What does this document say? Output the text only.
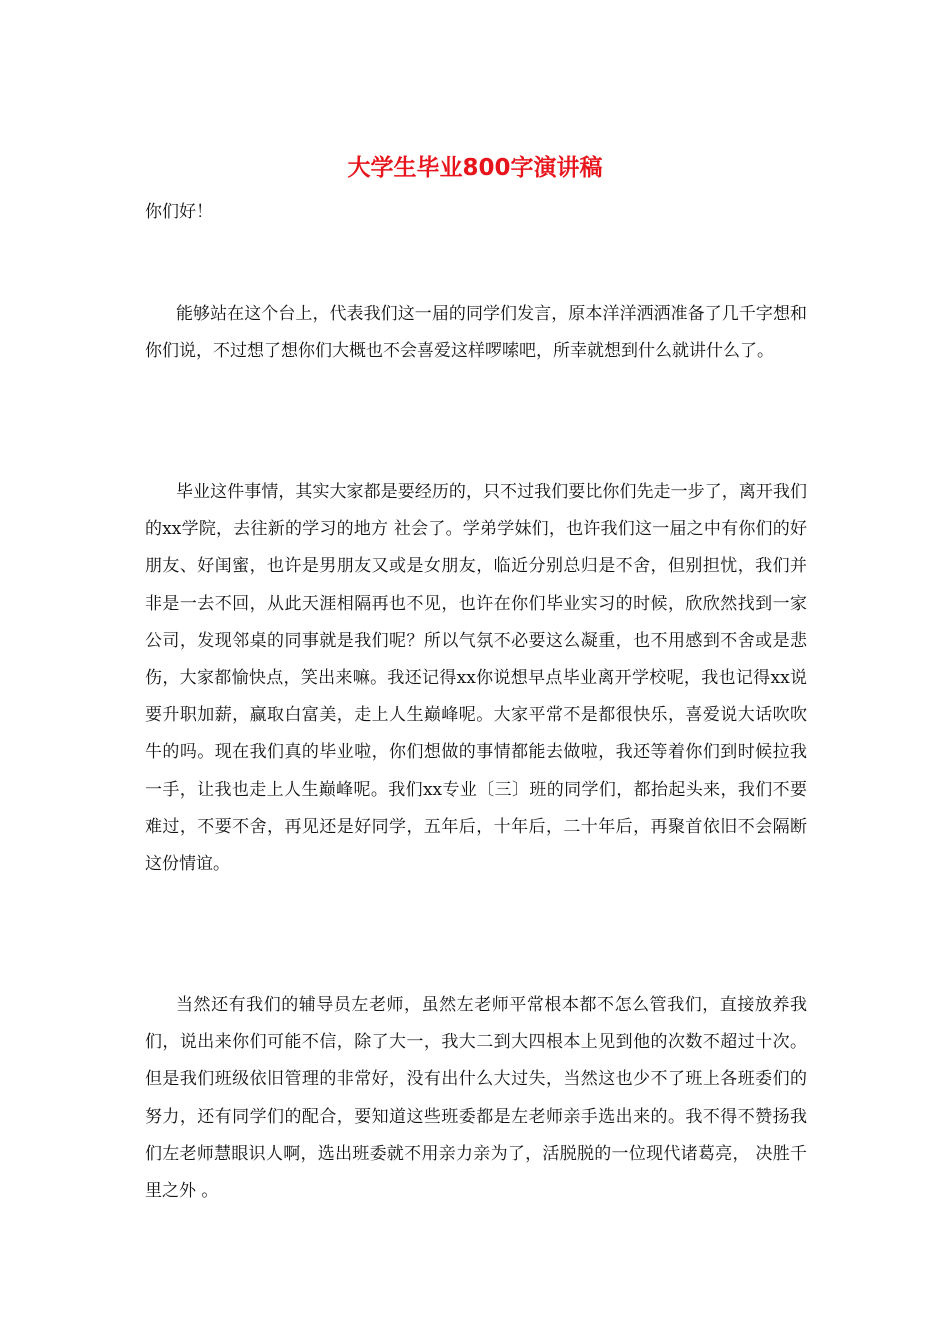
大学生毕业800字演讲稿

你们好！

能够站在这个台上，代表我们这一届的同学们发言，原本洋洋洒洒准备了几千字想和你们说，不过想了想你们大概也不会喜爱这样啰嗦吧，所幸就想到什么就讲什么了。

毕业这件事情，其实大家都是要经历的，只不过我们要比你们先走一步了，离开我们的xx学院，去往新的学习的地方 社会了。学弟学妹们，也许我们这一届之中有你们的好朋友、好闺蜜，也许是男朋友又或是女朋友，临近分别总归是不舍，但别担忧，我们并非是一去不回，从此天涯相隔再也不见，也许在你们毕业实习的时候，欣欣然找到一家公司，发现邻桌的同事就是我们呢？所以气氛不必要这么凝重，也不用感到不舍或是悲伤，大家都愉快点，笑出来嘛。我还记得xx你说想早点毕业离开学校呢，我也记得xx说要升职加薪，赢取白富美，走上人生巅峰呢。大家平常不是都很快乐，喜爱说大话吹吹牛的吗。现在我们真的毕业啦，你们想做的事情都能去做啦，我还等着你们到时候拉我一手，让我也走上人生巅峰呢。我们xx专业〔三〕班的同学们，都抬起头来，我们不要难过，不要不舍，再见还是好同学，五年后，十年后，二十年后，再聚首依旧不会隔断这份情谊。

当然还有我们的辅导员左老师，虽然左老师平常根本都不怎么管我们，直接放养我们，说出来你们可能不信，除了大一，我大二到大四根本上见到他的次数不超过十次。但是我们班级依旧管理的非常好，没有出什么大过失，当然这也少不了班上各班委们的努力，还有同学们的配合，要知道这些班委都是左老师亲手选出来的。我不得不赞扬我们左老师慧眼识人啊，选出班委就不用亲力亲为了，活脱脱的一位现代诸葛亮， 决胜千里之外 。
